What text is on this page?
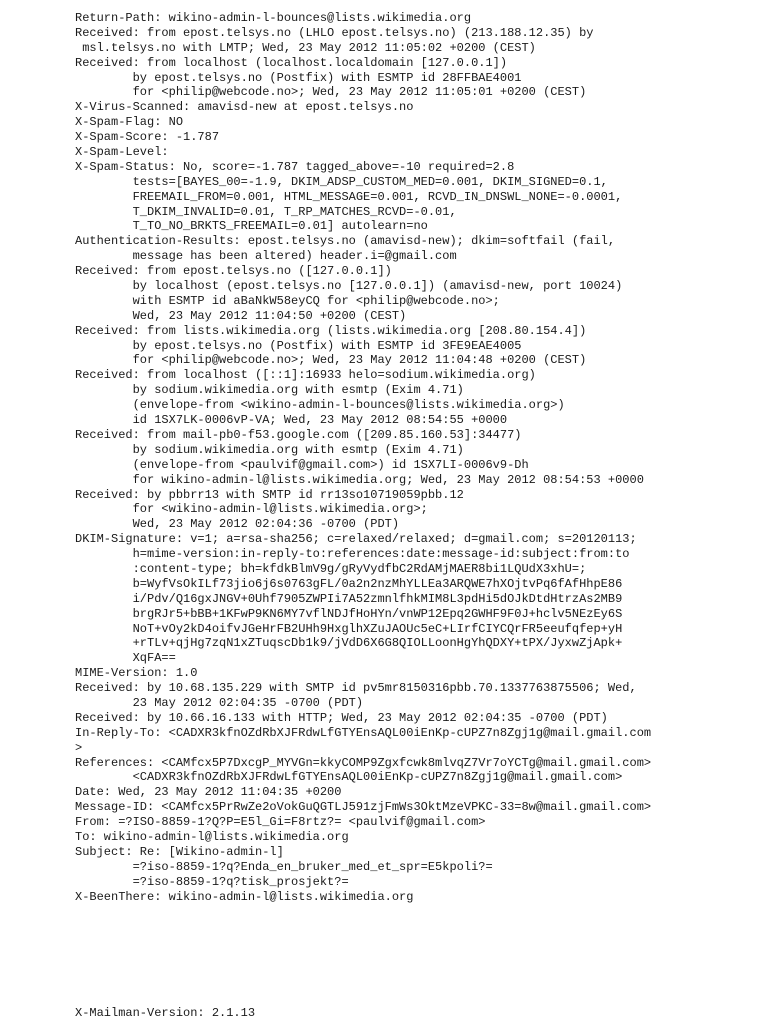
Return-Path: wikino-admin-l-bounces@lists.wikimedia.org
Received: from epost.telsys.no (LHLO epost.telsys.no) (213.188.12.35) by
msl.telsys.no with LMTP; Wed, 23 May 2012 11:05:02 +0200 (CEST)
Received: from localhost (localhost.localdomain [127.0.0.1])
by epost.telsys.no (Postfix) with ESMTP id 28FFBAE4001
for <philip@webcode.no>; Wed, 23 May 2012 11:05:01 +0200 (CEST)
X-Virus-Scanned: amavisd-new at epost.telsys.no
X-Spam-Flag: NO
X-Spam-Score: -1.787
X-Spam-Level:
X-Spam-Status: No, score=-1.787 tagged_above=-10 required=2.8
tests=[BAYES_00=-1.9, DKIM_ADSP_CUSTOM_MED=0.001, DKIM_SIGNED=0.1,
FREEMAIL_FROM=0.001, HTML_MESSAGE=0.001, RCVD_IN_DNSWL_NONE=-0.0001,
T_DKIM_INVALID=0.01, T_RP_MATCHES_RCVD=-0.01,
T_TO_NO_BRKTS_FREEMAIL=0.01] autolearn=no
Authentication-Results: epost.telsys.no (amavisd-new); dkim=softfail (fail,
message has been altered) header.i=@gmail.com
Received: from epost.telsys.no ([127.0.0.1])
by localhost (epost.telsys.no [127.0.0.1]) (amavisd-new, port 10024)
with ESMTP id aBaNkW58eyCQ for <philip@webcode.no>;
Wed, 23 May 2012 11:04:50 +0200 (CEST)
Received: from lists.wikimedia.org (lists.wikimedia.org [208.80.154.4])
by epost.telsys.no (Postfix) with ESMTP id 3FE9EAE4005
for <philip@webcode.no>; Wed, 23 May 2012 11:04:48 +0200 (CEST)
Received: from localhost ([::1]:16933 helo=sodium.wikimedia.org)
by sodium.wikimedia.org with esmtp (Exim 4.71)
(envelope-from <wikino-admin-l-bounces@lists.wikimedia.org>)
id 1SX7LK-0006vP-VA; Wed, 23 May 2012 08:54:55 +0000
Received: from mail-pb0-f53.google.com ([209.85.160.53]:34477)
by sodium.wikimedia.org with esmtp (Exim 4.71)
(envelope-from <paulvif@gmail.com>) id 1SX7LI-0006v9-Dh
for wikino-admin-l@lists.wikimedia.org; Wed, 23 May 2012 08:54:53 +0000
Received: by pbbrr13 with SMTP id rr13so10719059pbb.12
for <wikino-admin-l@lists.wikimedia.org>;
Wed, 23 May 2012 02:04:36 -0700 (PDT)
DKIM-Signature: v=1; a=rsa-sha256; c=relaxed/relaxed; d=gmail.com; s=20120113;
h=mime-version:in-reply-to:references:date:message-id:subject:from:to
:content-type; bh=kfdkBlmV9g/gRyVydfbC2RdAMjMAER8bi1LQUdX3xhU=;
b=WyfVsOkILf73jio6j6s0763gFL/0a2n2nzMhYLLEa3ARQWE7hXOjtvPq6fAfHhpE86
i/Pdv/Q16gxJNGV+0Uhf7905ZWPIi7A52zmnlfhkMIM8L3pdHi5dOJkDtdHtrzAs2MB9
brgRJr5+bBB+1KFwP9KN6MY7vflNDJfHoHYn/vnWP12Epq2GWHF9F0J+hclv5NEzEy6S
NoT+vOy2kD4oifvJGeHrFB2UHh9HxglhXZuJAOUc5eC+LIrfCIYCQrFR5eeufqfep+yH
+rTLv+qjHg7zqN1xZTuqscDb1k9/jVdD6X6G8QIOLLoonHgYhQDXY+tPX/JyxwZjApk+
XqFA==
MIME-Version: 1.0
Received: by 10.68.135.229 with SMTP id pv5mr8150316pbb.70.1337763875506; Wed,
23 May 2012 02:04:35 -0700 (PDT)
Received: by 10.66.16.133 with HTTP; Wed, 23 May 2012 02:04:35 -0700 (PDT)
In-Reply-To: <CADXR3kfnOZdRbXJFRdwLfGTYEnsAQL00iEnKp-cUPZ7n8Zgj1g@mail.gmail.com
>
References: <CAMfcx5P7DxcgP_MYVGn=kkyCOMP9Zgxfcwk8mlvqZ7Vr7oYCTg@mail.gmail.com>
<CADXR3kfnOZdRbXJFRdwLfGTYEnsAQL00iEnKp-cUPZ7n8Zgj1g@mail.gmail.com>
Date: Wed, 23 May 2012 11:04:35 +0200
Message-ID: <CAMfcx5PrRwZe2oVokGuQGTLJ591zjFmWs3OktMzeVPKC-33=8w@mail.gmail.com>
From: =?ISO-8859-1?Q?P=E5l_Gi=F8rtz?= <paulvif@gmail.com>
To: wikino-admin-l@lists.wikimedia.org
Subject: Re: [Wikino-admin-l]
=?iso-8859-1?q?Enda_en_bruker_med_et_spr=E5kpoli?=
=?iso-8859-1?q?tisk_prosjekt?=
X-BeenThere: wikino-admin-l@lists.wikimedia.org
X-Mailman-Version: 2.1.13
